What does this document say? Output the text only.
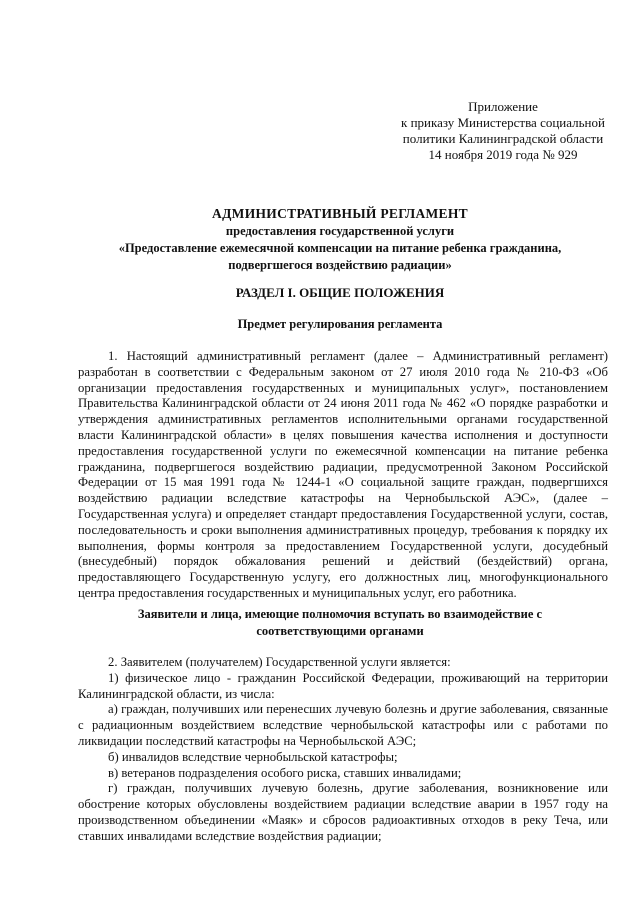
Приложение
к приказу Министерства социальной
политики Калининградской области
14 ноября 2019 года № 929
АДМИНИСТРАТИВНЫЙ РЕГЛАМЕНТ
предоставления государственной услуги
«Предоставление ежемесячной компенсации на питание ребенка гражданина,
подвергшегося воздействию радиации»
РАЗДЕЛ I. ОБЩИЕ ПОЛОЖЕНИЯ
Предмет регулирования регламента

1. Настоящий административный регламент (далее – Административный регламент) разработан в соответствии с Федеральным законом от 27 июля 2010 года № 210-ФЗ «Об организации предоставления государственных и муниципальных услуг», постановлением Правительства Калининградской области от 24 июня 2011 года № 462 «О порядке разработки и утверждения административных регламентов исполнительными органами государственной власти Калининградской области» в целях повышения качества исполнения и доступности предоставления государственной услуги по ежемесячной компенсации на питание ребенка гражданина, подвергшегося воздействию радиации, предусмотренной Законом Российской Федерации от 15 мая 1991 года № 1244-1 «О социальной защите граждан, подвергшихся воздействию радиации вследствие катастрофы на Чернобыльской АЭС», (далее – Государственная услуга) и определяет стандарт предоставления Государственной услуги, состав, последовательность и сроки выполнения административных процедур, требования к порядку их выполнения, формы контроля за предоставлением Государственной услуги, досудебный (внесудебный) порядок обжалования решений и действий (бездействий) органа, предоставляющего Государственную услугу, его должностных лиц, многофункционального центра предоставления государственных и муниципальных услуг, его работника.

Заявители и лица, имеющие полномочия вступать во взаимодействие с
соответствующими органами

2. Заявителем (получателем) Государственной услуги является:

1) физическое лицо - гражданин Российской Федерации, проживающий на территории Калининградской области, из числа:

а) граждан, получивших или перенесших лучевую болезнь и другие заболевания, связанные с радиационным воздействием вследствие чернобыльской катастрофы или с работами по ликвидации последствий катастрофы на Чернобыльской АЭС;

б) инвалидов вследствие чернобыльской катастрофы;

в) ветеранов подразделения особого риска, ставших инвалидами;

г) граждан, получивших лучевую болезнь, другие заболевания, возникновение или обострение которых обусловлены воздействием радиации вследствие аварии в 1957 году на производственном объединении «Маяк» и сбросов радиоактивных отходов в реку Теча, или ставших инвалидами вследствие воздействия радиации;
